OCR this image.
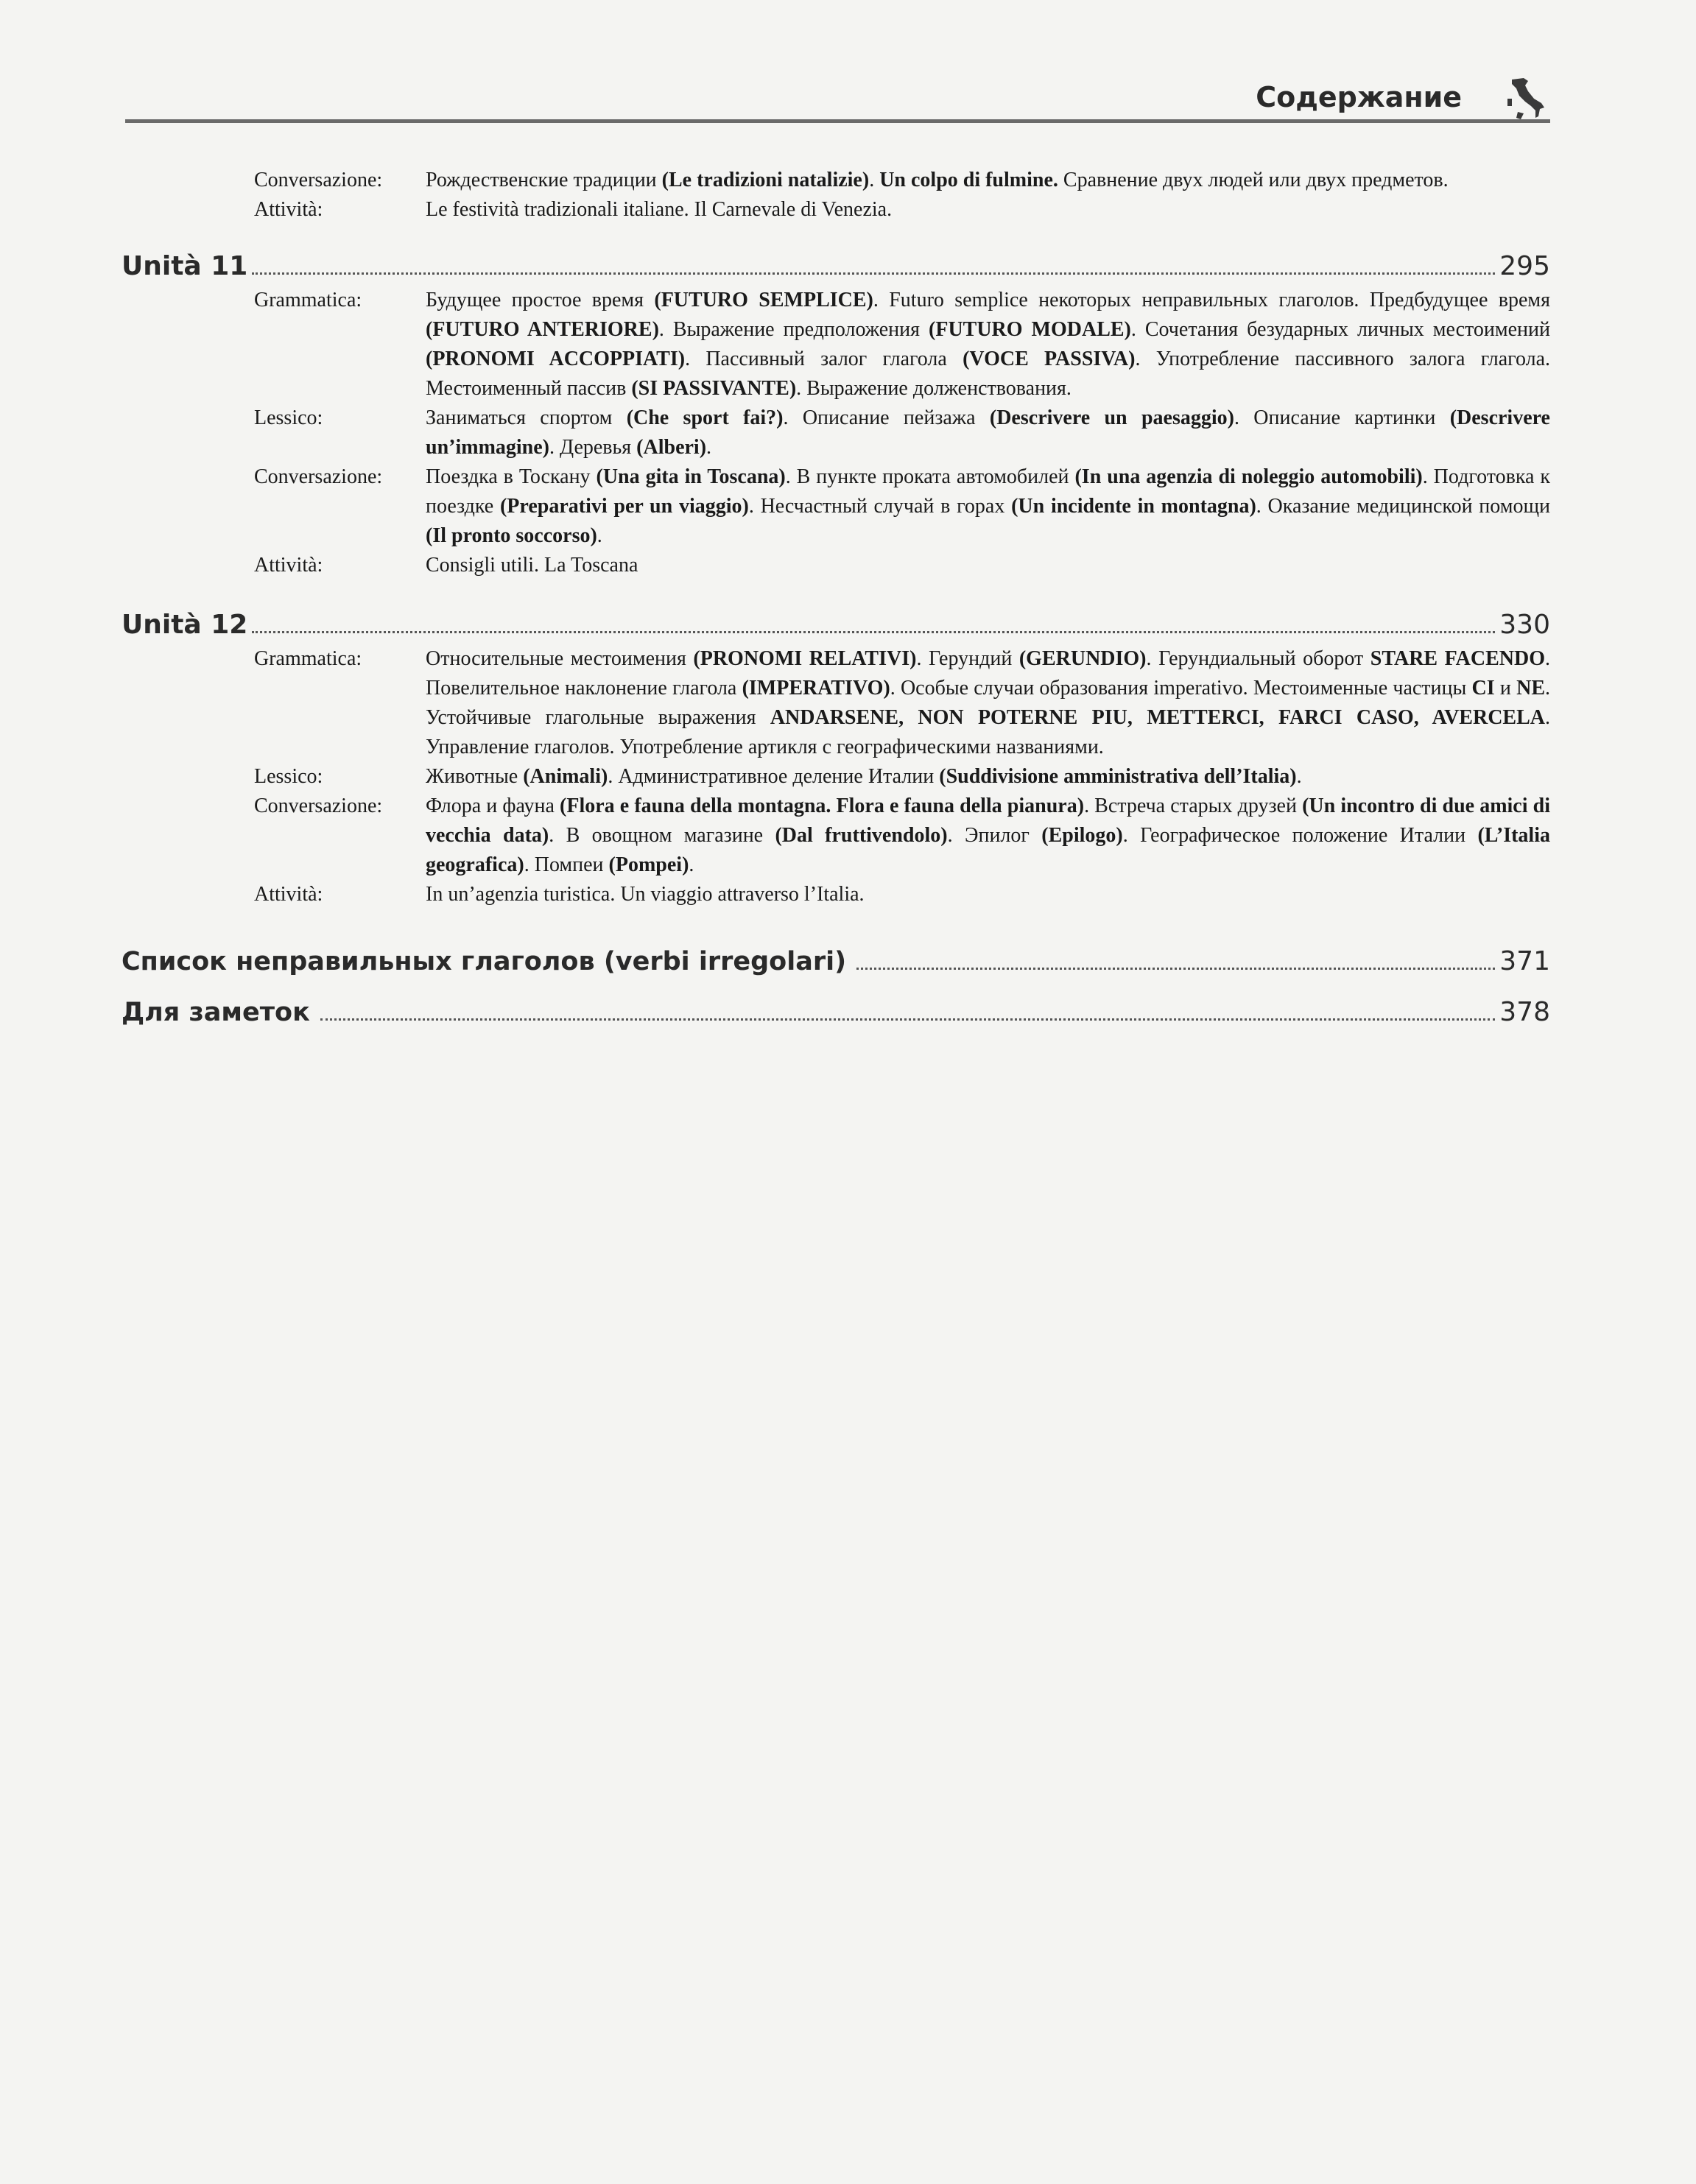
Содержание
Conversazione:	Рождественские традиции (Le tradizioni natalizie). Un colpo di fulmine. Сравнение двух людей или двух предметов.
Attività:	Le festività tradizionali italiane. Il Carnevale di Venezia.
Unità 11	295
Grammatica:	Будущее простое время (FUTURO SEMPLICE). Futuro semplice некоторых неправильных глаголов. Предбудущее время (FUTURO ANTERIORE). Выражение предположения (FUTURO MODALE). Сочетания безударных личных местоимений (PRONOMI ACCOPPIATI). Пассивный залог глагола (VOCE PASSIVA). Употребление пассивного залога глагола. Местоименный пассив (SI PASSIVANTE). Выражение долженствования.
Lessico:	Заниматься спортом (Che sport fai?). Описание пейзажа (Descrivere un paesaggio). Описание картинки (Descrivere un’immagine). Деревья (Alberi).
Conversazione:	Поездка в Тоскану (Una gita in Toscana). В пункте проката автомобилей (In una agenzia di noleggio automobili). Подготовка к поездке (Preparativi per un viaggio). Несчастный случай в горах (Un incidente in montagna). Оказание медицинской помощи (Il pronto soccorso).
Attività:	Consigli utili. La Toscana
Unità 12	330
Grammatica:	Относительные местоимения (PRONOMI RELATIVI). Герундий (GERUNDIO). Герундиальный оборот STARE FACENDO. Повелительное наклонение глагола (IMPERATIVO). Особые случаи образования imperativo. Местоименные частицы CI и NE. Устойчивые глагольные выражения ANDARSENE, NON POTERNE PIU, METTERCI, FARCI CASO, AVERCELA. Управление глаголов. Употребление артикля с географическими названиями.
Lessico:	Животные (Animali). Административное деление Италии (Suddivisione amministrativa dell’Italia).
Conversazione:	Флора и фауна (Flora e fauna della montagna. Flora e fauna della pianura). Встреча старых друзей (Un incontro di due amici di vecchia data). В овощном магазине (Dal fruttivendolo). Эпилог (Epilogo). Географическое положение Италии (L’Italia geografica). Помпеи (Pompei).
Attività:	In un’agenzia turistica. Un viaggio attraverso l’Italia.
Список неправильных глаголов (verbi irregolari)	371
Для заметок	378
